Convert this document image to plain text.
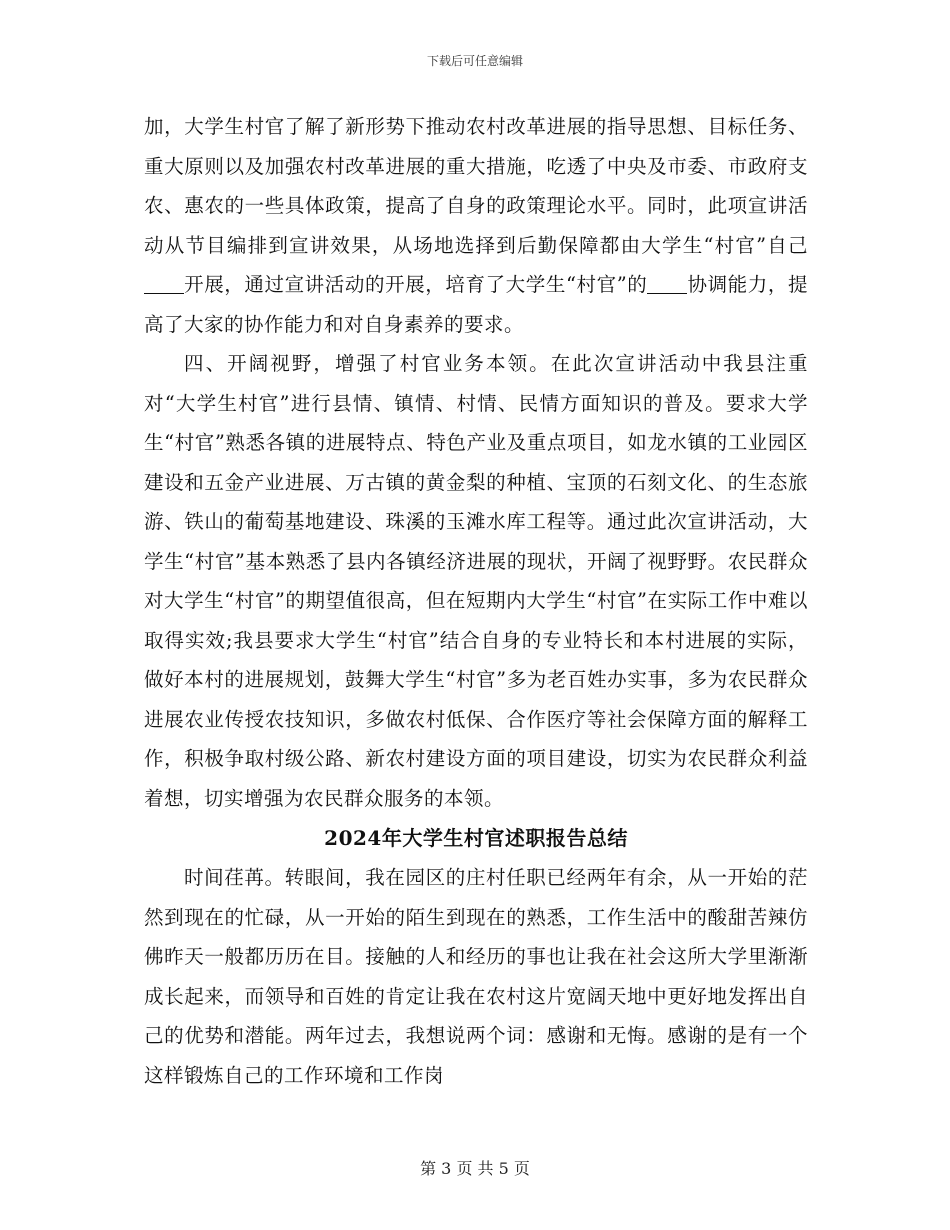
下载后可任意编辑

加，大学生村官了解了新形势下推动农村改革进展的指导思想、目标任务、重大原则以及加强农村改革进展的重大措施，吃透了中央及市委、市政府支农、惠农的一些具体政策，提高了自身的政策理论水平。同时，此项宣讲活动从节目编排到宣讲效果，从场地选择到后勤保障都由大学生“村官”自己开展，通过宣讲活动的开展，培育了大学生“村官”的 协调能力，提高了大家的协作能力和对自身素养的要求。

四、开阔视野，增强了村官业务本领。在此次宣讲活动中我县注重对“大学生村官”进行县情、镇情、村情、民情方面知识的普及。要求大学生“村官”熟悉各镇的进展特点、特色产业及重点项目，如龙水镇的工业园区建设和五金产业进展、万古镇的黄金梨的种植、宝顶的石刻文化、的生态旅游、铁山的葡萄基地建设、珠溪的玉滩水库工程等。通过此次宣讲活动，大学生“村官”基本熟悉了县内各镇经济进展的现状，开阔了视野野。农民群众对大学生“村官”的期望值很高，但在短期内大学生“村官”在实际工作中难以取得实效;我县要求大学生“村官”结合自身的专业特长和本村进展的实际，做好本村的进展规划，鼓舞大学生“村官”多为老百姓办实事，多为农民群众进展农业传授农技知识，多做农村低保、合作医疗等社会保障方面的解释工作，积极争取村级公路、新农村建设方面的项目建设，切实为农民群众利益着想，切实增强为农民群众服务的本领。

2024年大学生村官述职报告总结

时间荏苒。转眼间，我在园区的庄村任职已经两年有余，从一开始的茫然到现在的忙碌，从一开始的陌生到现在的熟悉，工作生活中的酸甜苦辣仿佛昨天一般都历历在目。接触的人和经历的事也让我在社会这所大学里渐渐成长起来，而领导和百姓的肯定让我在农村这片宽阔天地中更好地发挥出自己的优势和潜能。两年过去，我想说两个词：感谢和无悔。感谢的是有一个这样锻炼自己的工作环境和工作岗

第 3 页 共 5 页
